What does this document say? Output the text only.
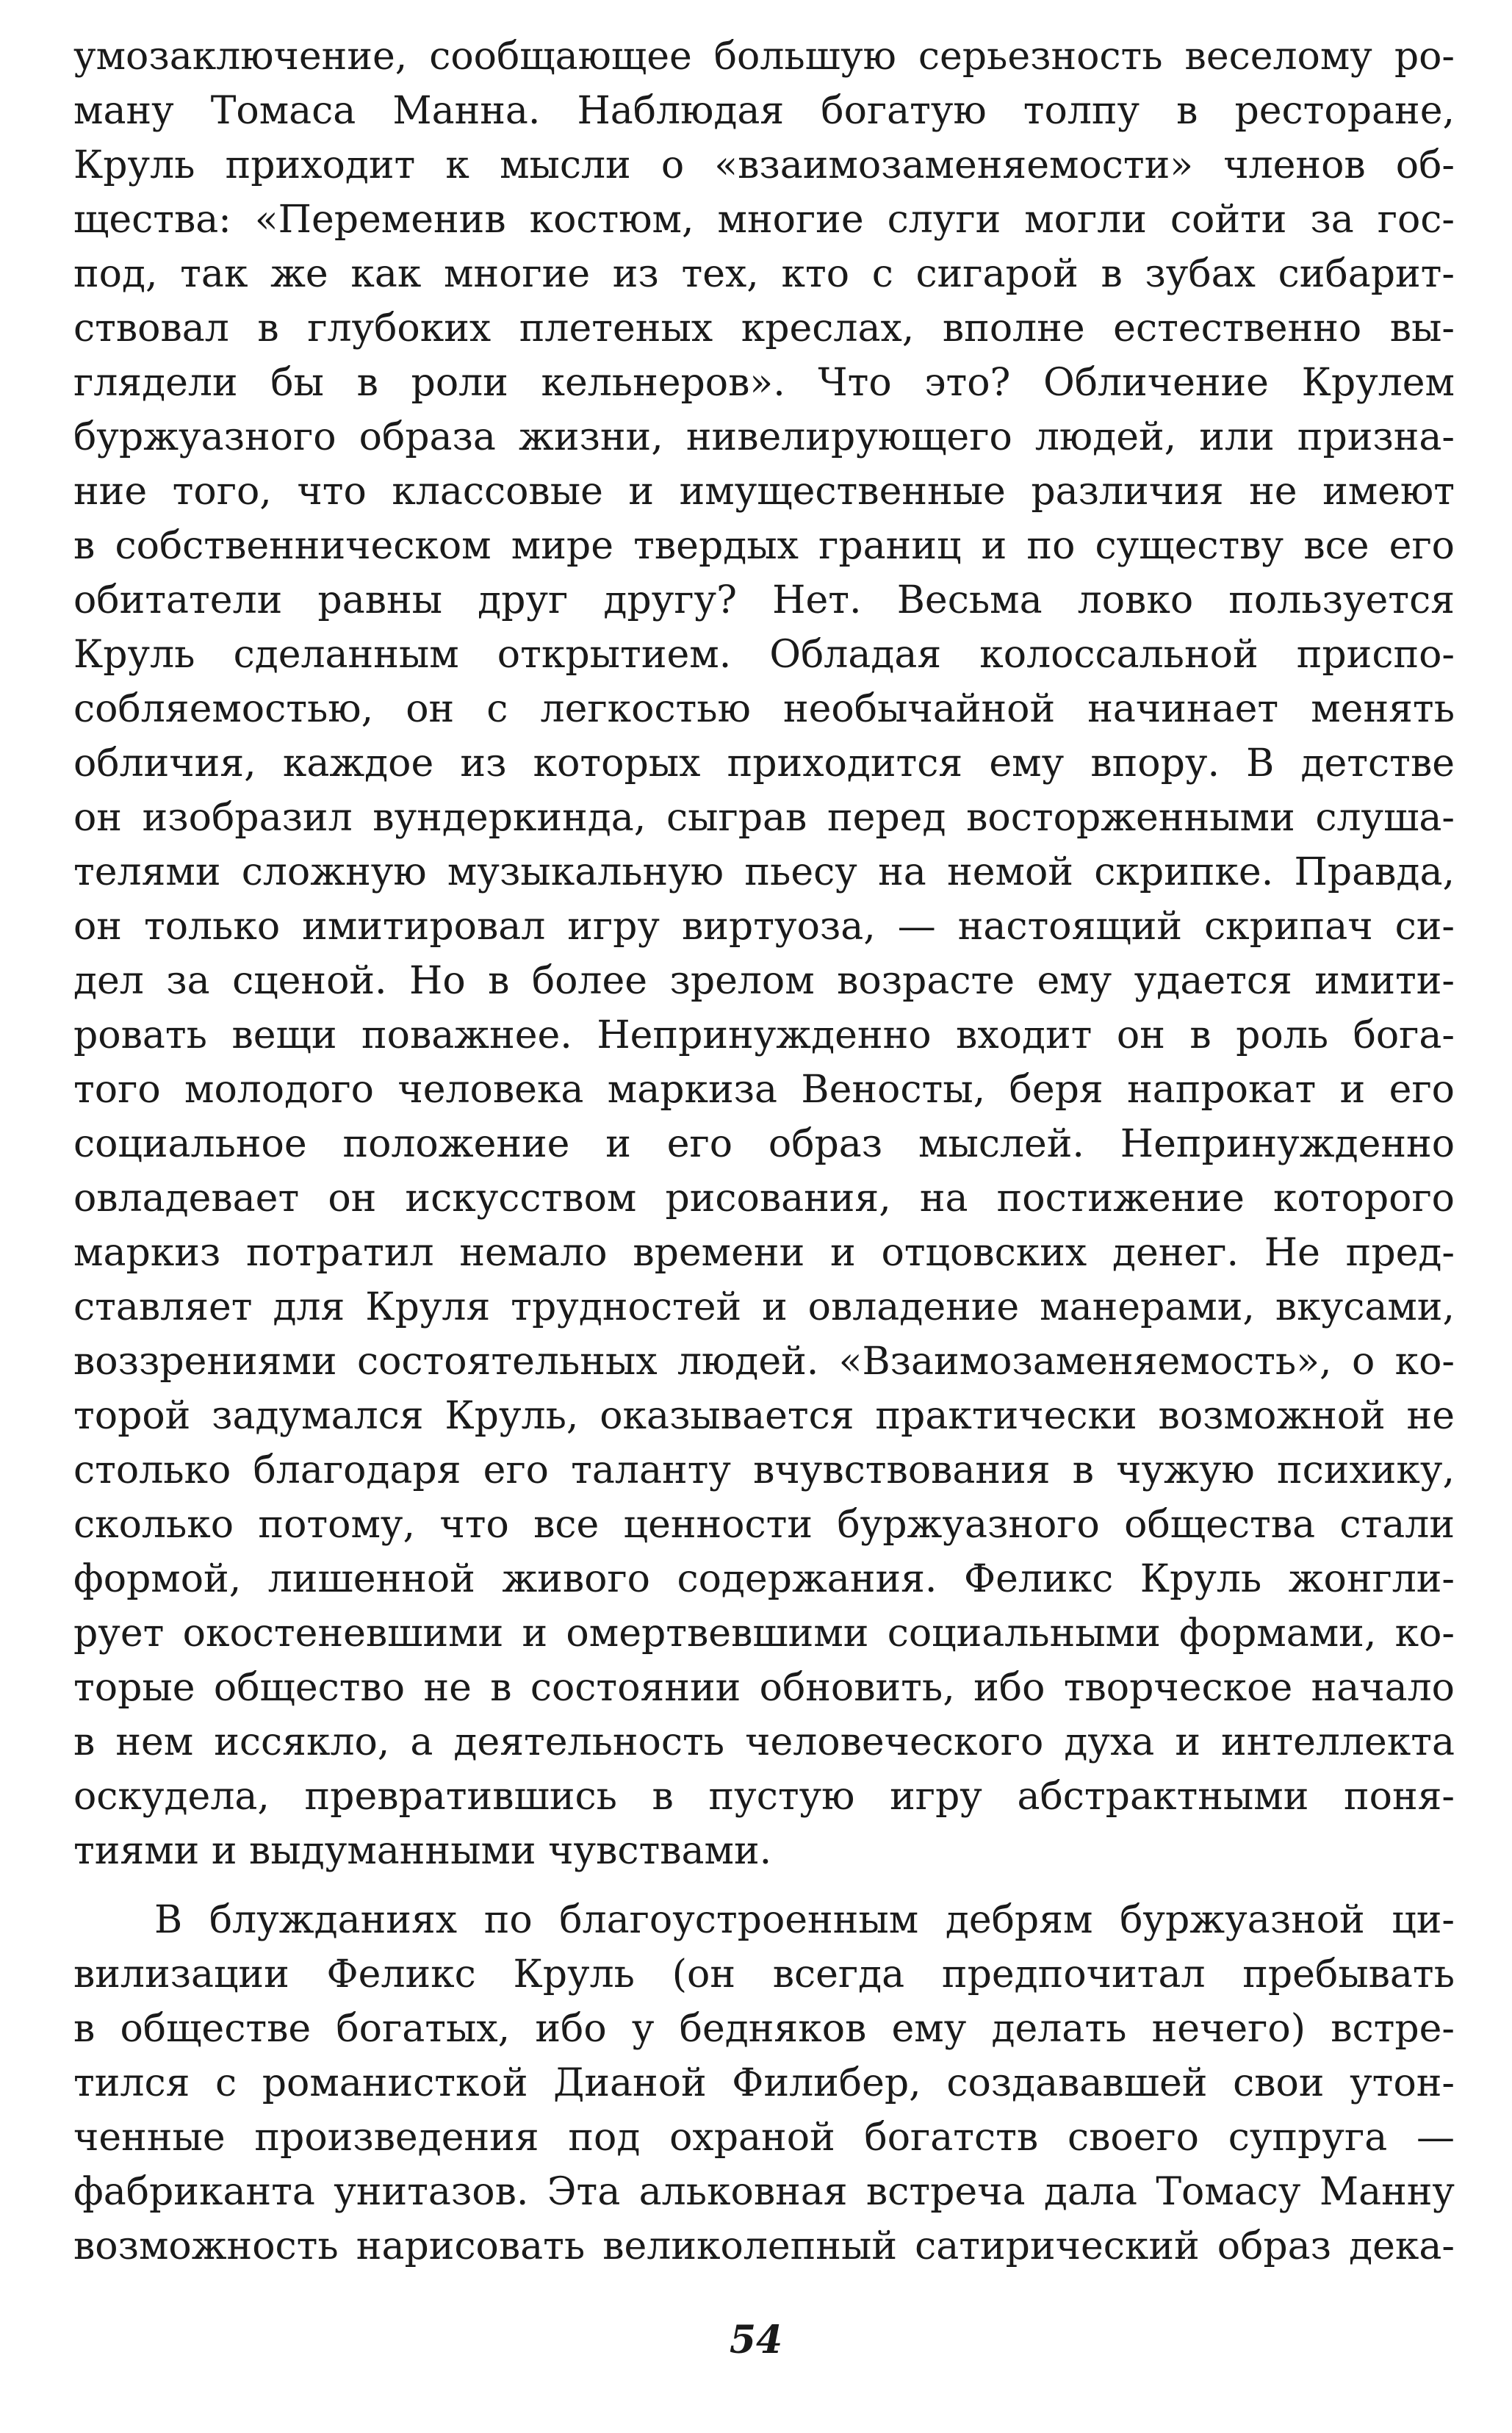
умозаключение, сообщающее большую серьезность веселому ро-
ману Томаса Манна. Наблюдая богатую толпу в ресторане,
Круль приходит к мысли о «взаимозаменяемости» членов об-
щества: «Переменив костюм, многие слуги могли сойти за гос-
под, так же как многие из тех, кто с сигарой в зубах сибарит-
ствовал в глубоких плетеных креслах, вполне естественно вы-
глядели бы в роли кельнеров». Что это? Обличение Крулем
буржуазного образа жизни, нивелирующего людей, или призна-
ние того, что классовые и имущественные различия не имеют
в собственническом мире твердых границ и по существу все его
обитатели равны друг другу? Нет. Весьма ловко пользуется
Круль сделанным открытием. Обладая колоссальной приспо-
собляемостью, он с легкостью необычайной начинает менять
обличия, каждое из которых приходится ему впору. В детстве
он изобразил вундеркинда, сыграв перед восторженными слуша-
телями сложную музыкальную пьесу на немой скрипке. Правда,
он только имитировал игру виртуоза, — настоящий скрипач си-
дел за сценой. Но в более зрелом возрасте ему удается имити-
ровать вещи поважнее. Непринужденно входит он в роль бога-
того молодого человека маркиза Веносты, беря напрокат и его
социальное положение и его образ мыслей. Непринужденно
овладевает он искусством рисования, на постижение которого
маркиз потратил немало времени и отцовских денег. Не пред-
ставляет для Круля трудностей и овладение манерами, вкусами,
воззрениями состоятельных людей. «Взаимозаменяемость», о ко-
торой задумался Круль, оказывается практически возможной не
столько благодаря его таланту вчувствования в чужую психику,
сколько потому, что все ценности буржуазного общества стали
формой, лишенной живого содержания. Феликс Круль жонгли-
рует окостеневшими и омертвевшими социальными формами, ко-
торые общество не в состоянии обновить, ибо творческое начало
в нем иссякло, а деятельность человеческого духа и интеллекта
оскудела, превратившись в пустую игру абстрактными поня-
тиями и выдуманными чувствами.
В блужданиях по благоустроенным дебрям буржуазной ци-
вилизации Феликс Круль (он всегда предпочитал пребывать
в обществе богатых, ибо у бедняков ему делать нечего) встре-
тился с романисткой Дианой Филибер, создававшей свои утон-
ченные произведения под охраной богатств своего супруга —
фабриканта унитазов. Эта альковная встреча дала Томасу Манну
возможность нарисовать великолепный сатирический образ дека-
54
